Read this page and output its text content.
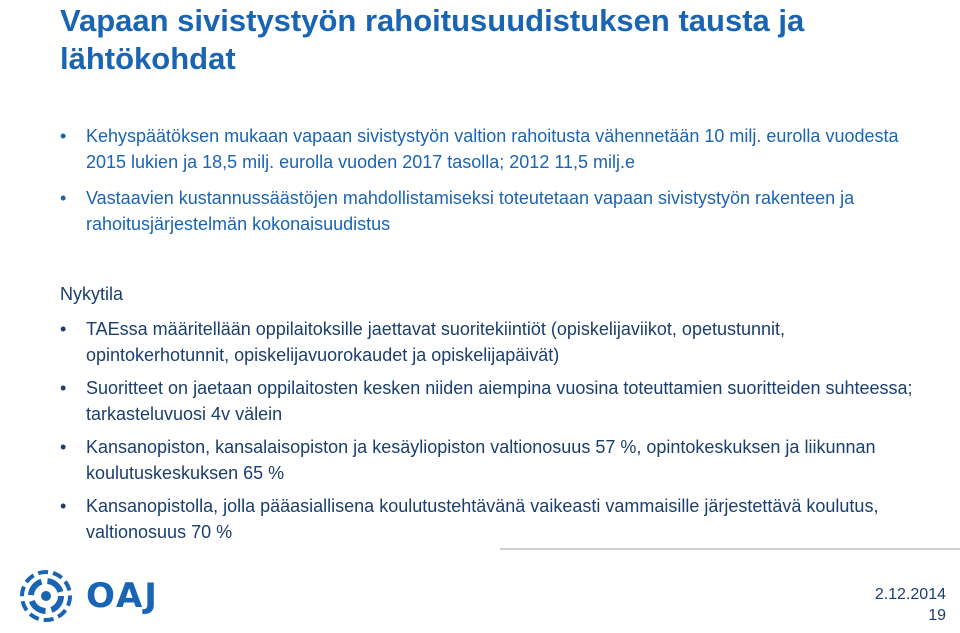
Vapaan sivistystyön rahoitusuudistuksen tausta ja lähtökohdat
• Kehyspäätöksen mukaan vapaan sivistystyön valtion rahoitusta vähennetään 10 milj. eurolla vuodesta 2015 lukien ja 18,5 milj. eurolla vuoden 2017 tasolla; 2012 11,5 milj.e
• Vastaavien kustannussäästöjen mahdollistamiseksi toteutetaan vapaan sivistystyön rakenteen ja rahoitusjärjestelmän kokonaisuudistus

Nykytila

• TAEssa määritellään oppilaitoksille jaettavat suoritekiintiöt (opiskelijaviikot, opetustunnit, opintokerhotunnit, opiskelijavuorokaudet ja opiskelijapäivät)
• Suoritteet on jaetaan oppilaitosten kesken niiden aiempina vuosina toteuttamien suoritteiden suhteessa; tarkasteluvuosi 4v välein
• Kansanopiston, kansalaisopiston ja kesäyliopiston valtionosuus 57 %, opintokeskuksen ja liikunnan koulutuskeskuksen 65 %
• Kansanopistolla, jolla pääasiallisena koulutustehtävänä vaikeasti vammaisille järjestettävä koulutus, valtionosuus 70 %
OAJ	2.12.2014
19
